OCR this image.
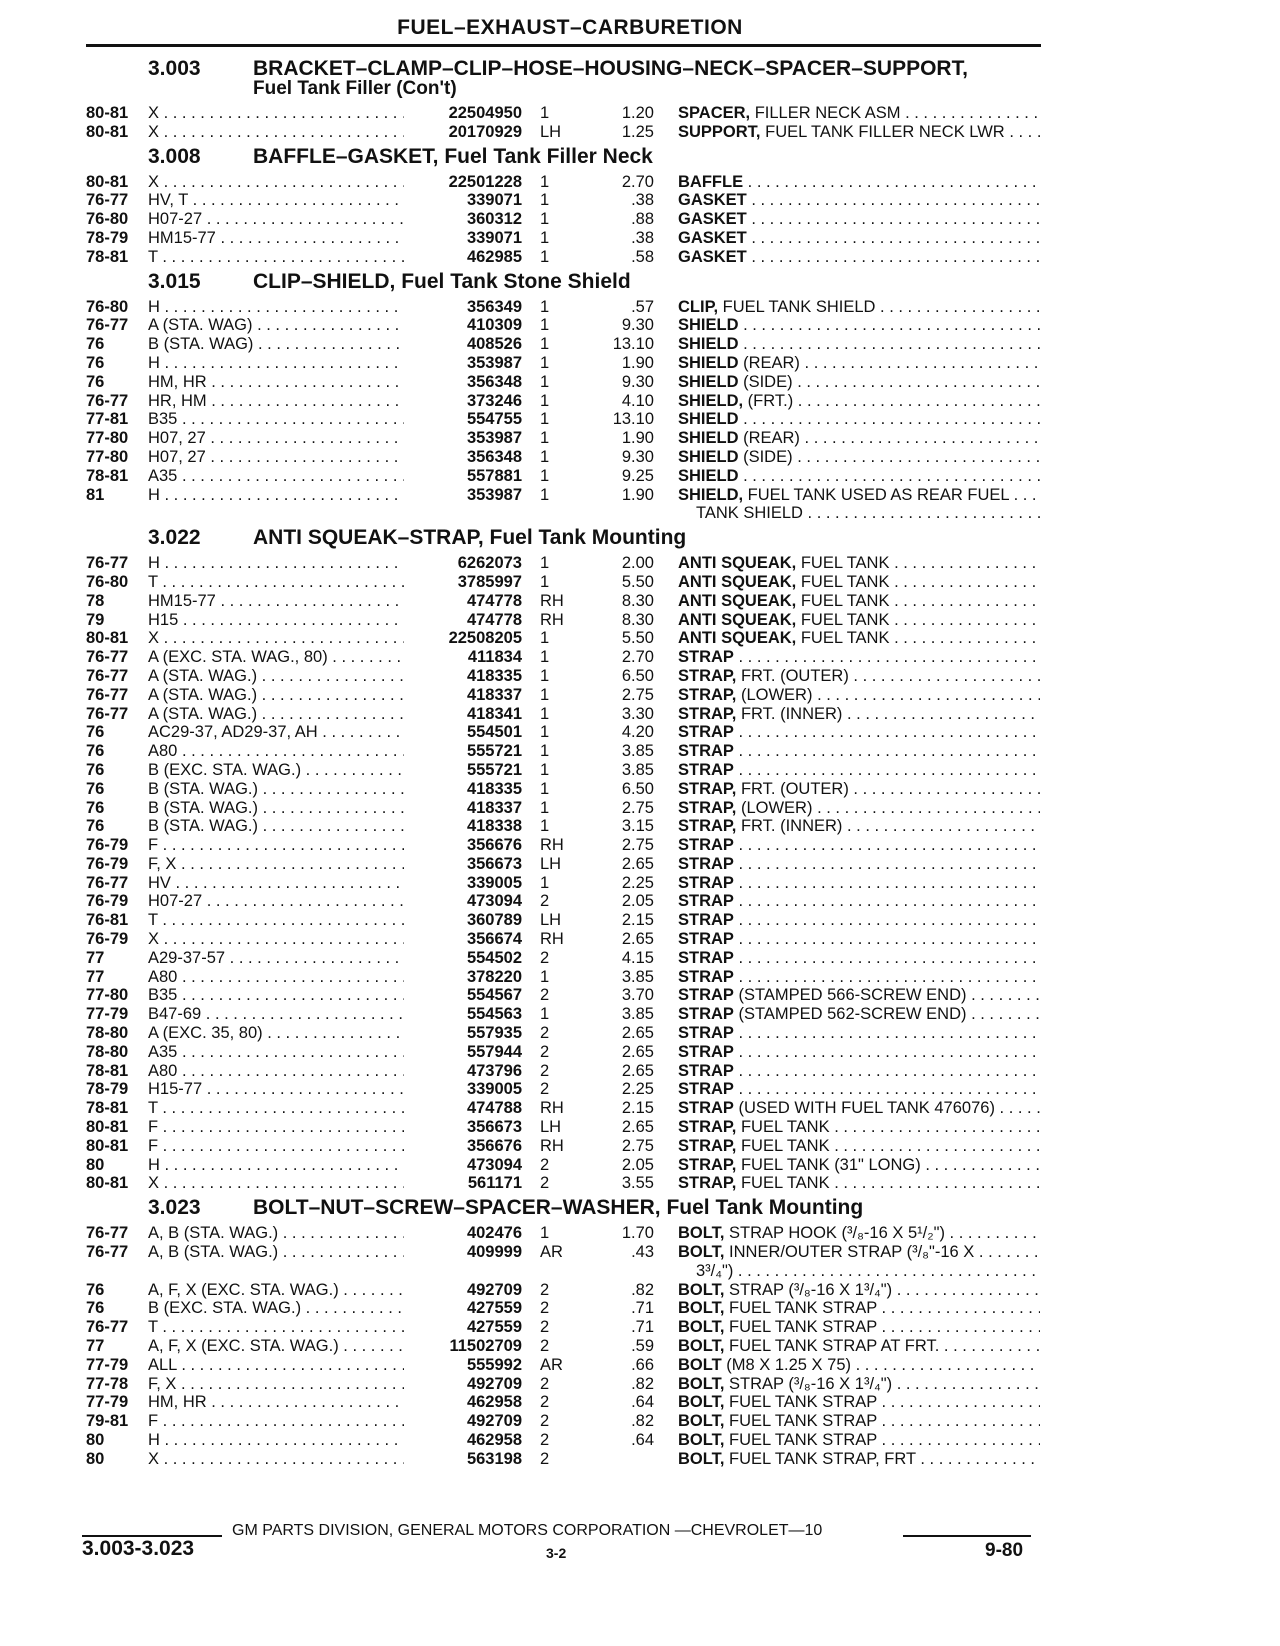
FUEL–EXHAUST–CARBURETION
3.003 BRACKET–CLAMP–CLIP–HOSE–HOUSING–NECK–SPACER–SUPPORT,
Fuel Tank Filler (Con't)
80-81 X . . .	22504950 1	1.20 SPACER, FILLER NECK ASM . . .
80-81 X . . .	20170929 LH	1.25 SUPPORT, FUEL TANK FILLER NECK LWR . . .
3.008 BAFFLE–GASKET, Fuel Tank Filler Neck
80-81 X . . .	22501228 1	2.70 BAFFLE . . .
76-77 HV, T . . .	339071 1	.38 GASKET . . .
76-80 H07-27 . . .	360312 1	.88 GASKET . . .
78-79 HM15-77 . . .	339071 1	.38 GASKET . . .
78-81 T . . .	462985 1	.58 GASKET . . .
3.015 CLIP–SHIELD, Fuel Tank Stone Shield
76-80 H . . .	356349 1	.57 CLIP, FUEL TANK SHIELD . . .
76-77 A (STA. WAG) . . .	410309 1	9.30 SHIELD . . .
76	B (STA. WAG) . . .	408526 1	13.10 SHIELD . . .
76	H . . .	353987 1	1.90 SHIELD (REAR) . . .
76	HM, HR . . .	356348 1	9.30 SHIELD (SIDE) . . .
76-77 HR, HM . . .	373246 1	4.10 SHIELD, (FRT.) . . .
77-81 B35 . . .	554755 1	13.10 SHIELD . . .
77-80 H07, 27 . . .	353987 1	1.90 SHIELD (REAR) . . .
77-80 H07, 27 . . .	356348 1	9.30 SHIELD (SIDE) . . .
78-81 A35 . . .	557881 1	9.25 SHIELD . . .
81	H . . .	353987 1	1.90 SHIELD, FUEL TANK USED AS REAR FUEL . . .
TANK SHIELD . . .
3.022 ANTI SQUEAK–STRAP, Fuel Tank Mounting
76-77 H . . .	6262073 1	2.00 ANTI SQUEAK, FUEL TANK . . .
76-80 T . . .	3785997 1	5.50 ANTI SQUEAK, FUEL TANK . . .
78	HM15-77 . . .	474778 RH	8.30 ANTI SQUEAK, FUEL TANK . . .
79	H15 . . .	474778 RH	8.30 ANTI SQUEAK, FUEL TANK . . .
80-81 X . . .	22508205 1	5.50 ANTI SQUEAK, FUEL TANK . . .
76-77 A (EXC. STA. WAG., 80) . . .	411834 1	2.70 STRAP . . .
76-77 A (STA. WAG.) . . .	418335 1	6.50 STRAP, FRT. (OUTER) . . .
76-77 A (STA. WAG.) . . .	418337 1	2.75 STRAP, (LOWER) . . .
76-77 A (STA. WAG.) . . .	418341 1	3.30 STRAP, FRT. (INNER) . . .
76	AC29-37, AD29-37, AH . . .	554501 1	4.20 STRAP . . .
76	A80 . . .	555721 1	3.85 STRAP . . .
76	B (EXC. STA. WAG.) . . .	555721 1	3.85 STRAP . . .
76	B (STA. WAG.) . . .	418335 1	6.50 STRAP, FRT. (OUTER) . . .
76	B (STA. WAG.) . . .	418337 1	2.75 STRAP, (LOWER) . . .
76	B (STA. WAG.) . . .	418338 1	3.15 STRAP, FRT. (INNER) . . .
76-79 F . . .	356676 RH	2.75 STRAP . . .
76-79 F, X . . .	356673 LH	2.65 STRAP . . .
76-77 HV . . .	339005 1	2.25 STRAP . . .
76-79 H07-27 . . .	473094 2	2.05 STRAP . . .
76-81 T . . .	360789 LH	2.15 STRAP . . .
76-79 X . . .	356674 RH	2.65 STRAP . . .
77	A29-37-57 . . .	554502 2	4.15 STRAP . . .
77	A80 . . .	378220 1	3.85 STRAP . . .
77-80 B35 . . .	554567 2	3.70 STRAP (STAMPED 566-SCREW END) . . .
77-79 B47-69 . . .	554563 1	3.85 STRAP (STAMPED 562-SCREW END) . . .
78-80 A (EXC. 35, 80) . . .	557935 2	2.65 STRAP . . .
78-80 A35 . . .	557944 2	2.65 STRAP . . .
78-81 A80 . . .	473796 2	2.65 STRAP . . .
78-79 H15-77 . . .	339005 2	2.25 STRAP . . .
78-81 T . . .	474788 RH	2.15 STRAP (USED WITH FUEL TANK 476076) . . .
80-81 F . . .	356673 LH	2.65 STRAP, FUEL TANK . . .
80-81 F . . .	356676 RH	2.75 STRAP, FUEL TANK . . .
80	H . . .	473094 2	2.05 STRAP, FUEL TANK (31" LONG) . . .
80-81 X . . .	561171 2	3.55 STRAP, FUEL TANK . . .
3.023 BOLT–NUT–SCREW–SPACER–WASHER, Fuel Tank Mounting
76-77 A, B (STA. WAG.) . . .	402476 1	1.70 BOLT, STRAP HOOK (³/₈-16 X 5¹/₂") . . .
76-77 A, B (STA. WAG.) . . .	409999 AR	.43 BOLT, INNER/OUTER STRAP (³/₈"-16 X . . .
3³/₄") . . .
76	A, F, X (EXC. STA. WAG.) . . .	492709 2	.82 BOLT, STRAP (³/₈-16 X 1³/₄") . . .
76	B (EXC. STA. WAG.) . . .	427559 2	.71 BOLT, FUEL TANK STRAP . . .
76-77 T . . .	427559 2	.71 BOLT, FUEL TANK STRAP . . .
77	A, F, X (EXC. STA. WAG.) . . .	11502709 2	.59 BOLT, FUEL TANK STRAP AT FRT. . . .
77-79 ALL . . .	555992 AR	.66 BOLT (M8 X 1.25 X 75) . . .
77-78 F, X . . .	492709 2	.82 BOLT, STRAP (³/₈-16 X 1³/₄") . . .
77-79 HM, HR . . .	462958 2	.64 BOLT, FUEL TANK STRAP . . .
79-81 F . . .	492709 2	.82 BOLT, FUEL TANK STRAP . . .
80	H . . .	462958 2	.64 BOLT, FUEL TANK STRAP . . .
80	X . . .	563198 2	BOLT, FUEL TANK STRAP, FRT . . .
GM PARTS DIVISION, GENERAL MOTORS CORPORATION —CHEVROLET—10
3.003-3.023	3-2	9-80
